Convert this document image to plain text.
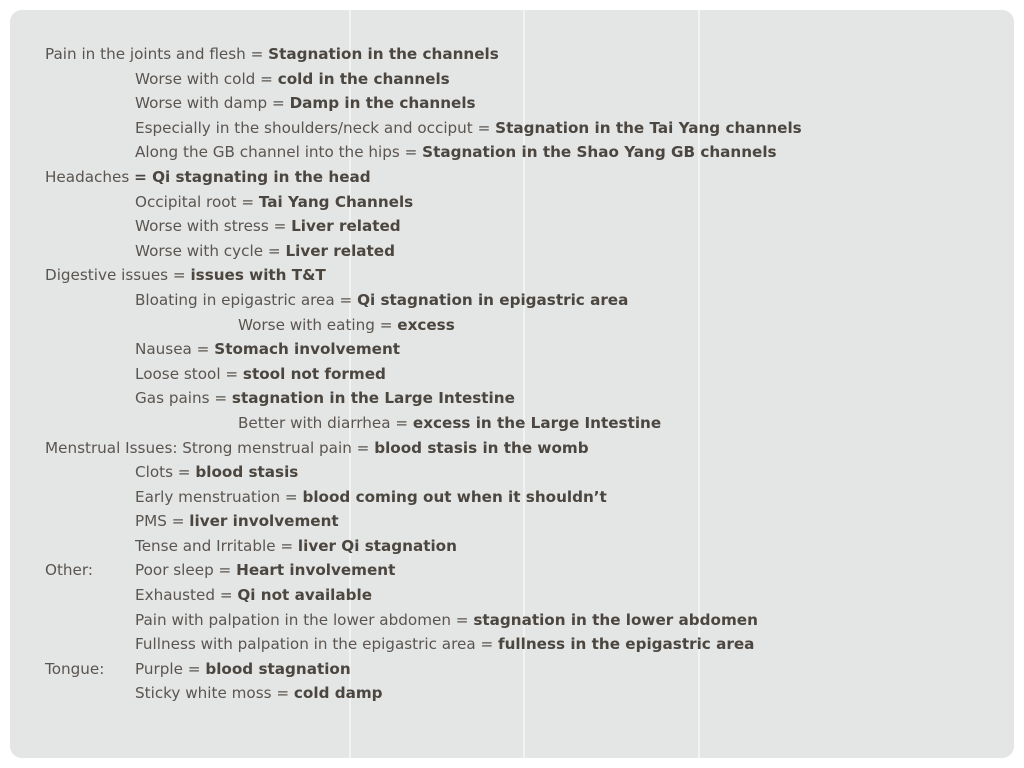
Pain in the joints and flesh = Stagnation in the channels
Worse with cold = cold in the channels
Worse with damp = Damp in the channels
Especially in the shoulders/neck and occiput = Stagnation in the Tai Yang channels
Along the GB channel into the hips = Stagnation in the Shao Yang GB channels
Headaches = Qi stagnating in the head
Occipital root = Tai Yang Channels
Worse with stress = Liver related
Worse with cycle = Liver related
Digestive issues = issues with T&T
Bloating in epigastric area = Qi stagnation in epigastric area
Worse with eating = excess
Nausea = Stomach involvement
Loose stool = stool not formed
Gas pains = stagnation in the Large Intestine
Better with diarrhea = excess in the Large Intestine
Menstrual Issues: Strong menstrual pain = blood stasis in the womb
Clots = blood stasis
Early menstruation = blood coming out when it shouldn’t
PMS = liver involvement
Tense and Irritable = liver Qi stagnation
Other:	Poor sleep = Heart involvement
Exhausted = Qi not available
Pain with palpation in the lower abdomen = stagnation in the lower abdomen
Fullness with palpation in the epigastric area = fullness in the epigastric area
Tongue: Purple = blood stagnation
Sticky white moss = cold damp
